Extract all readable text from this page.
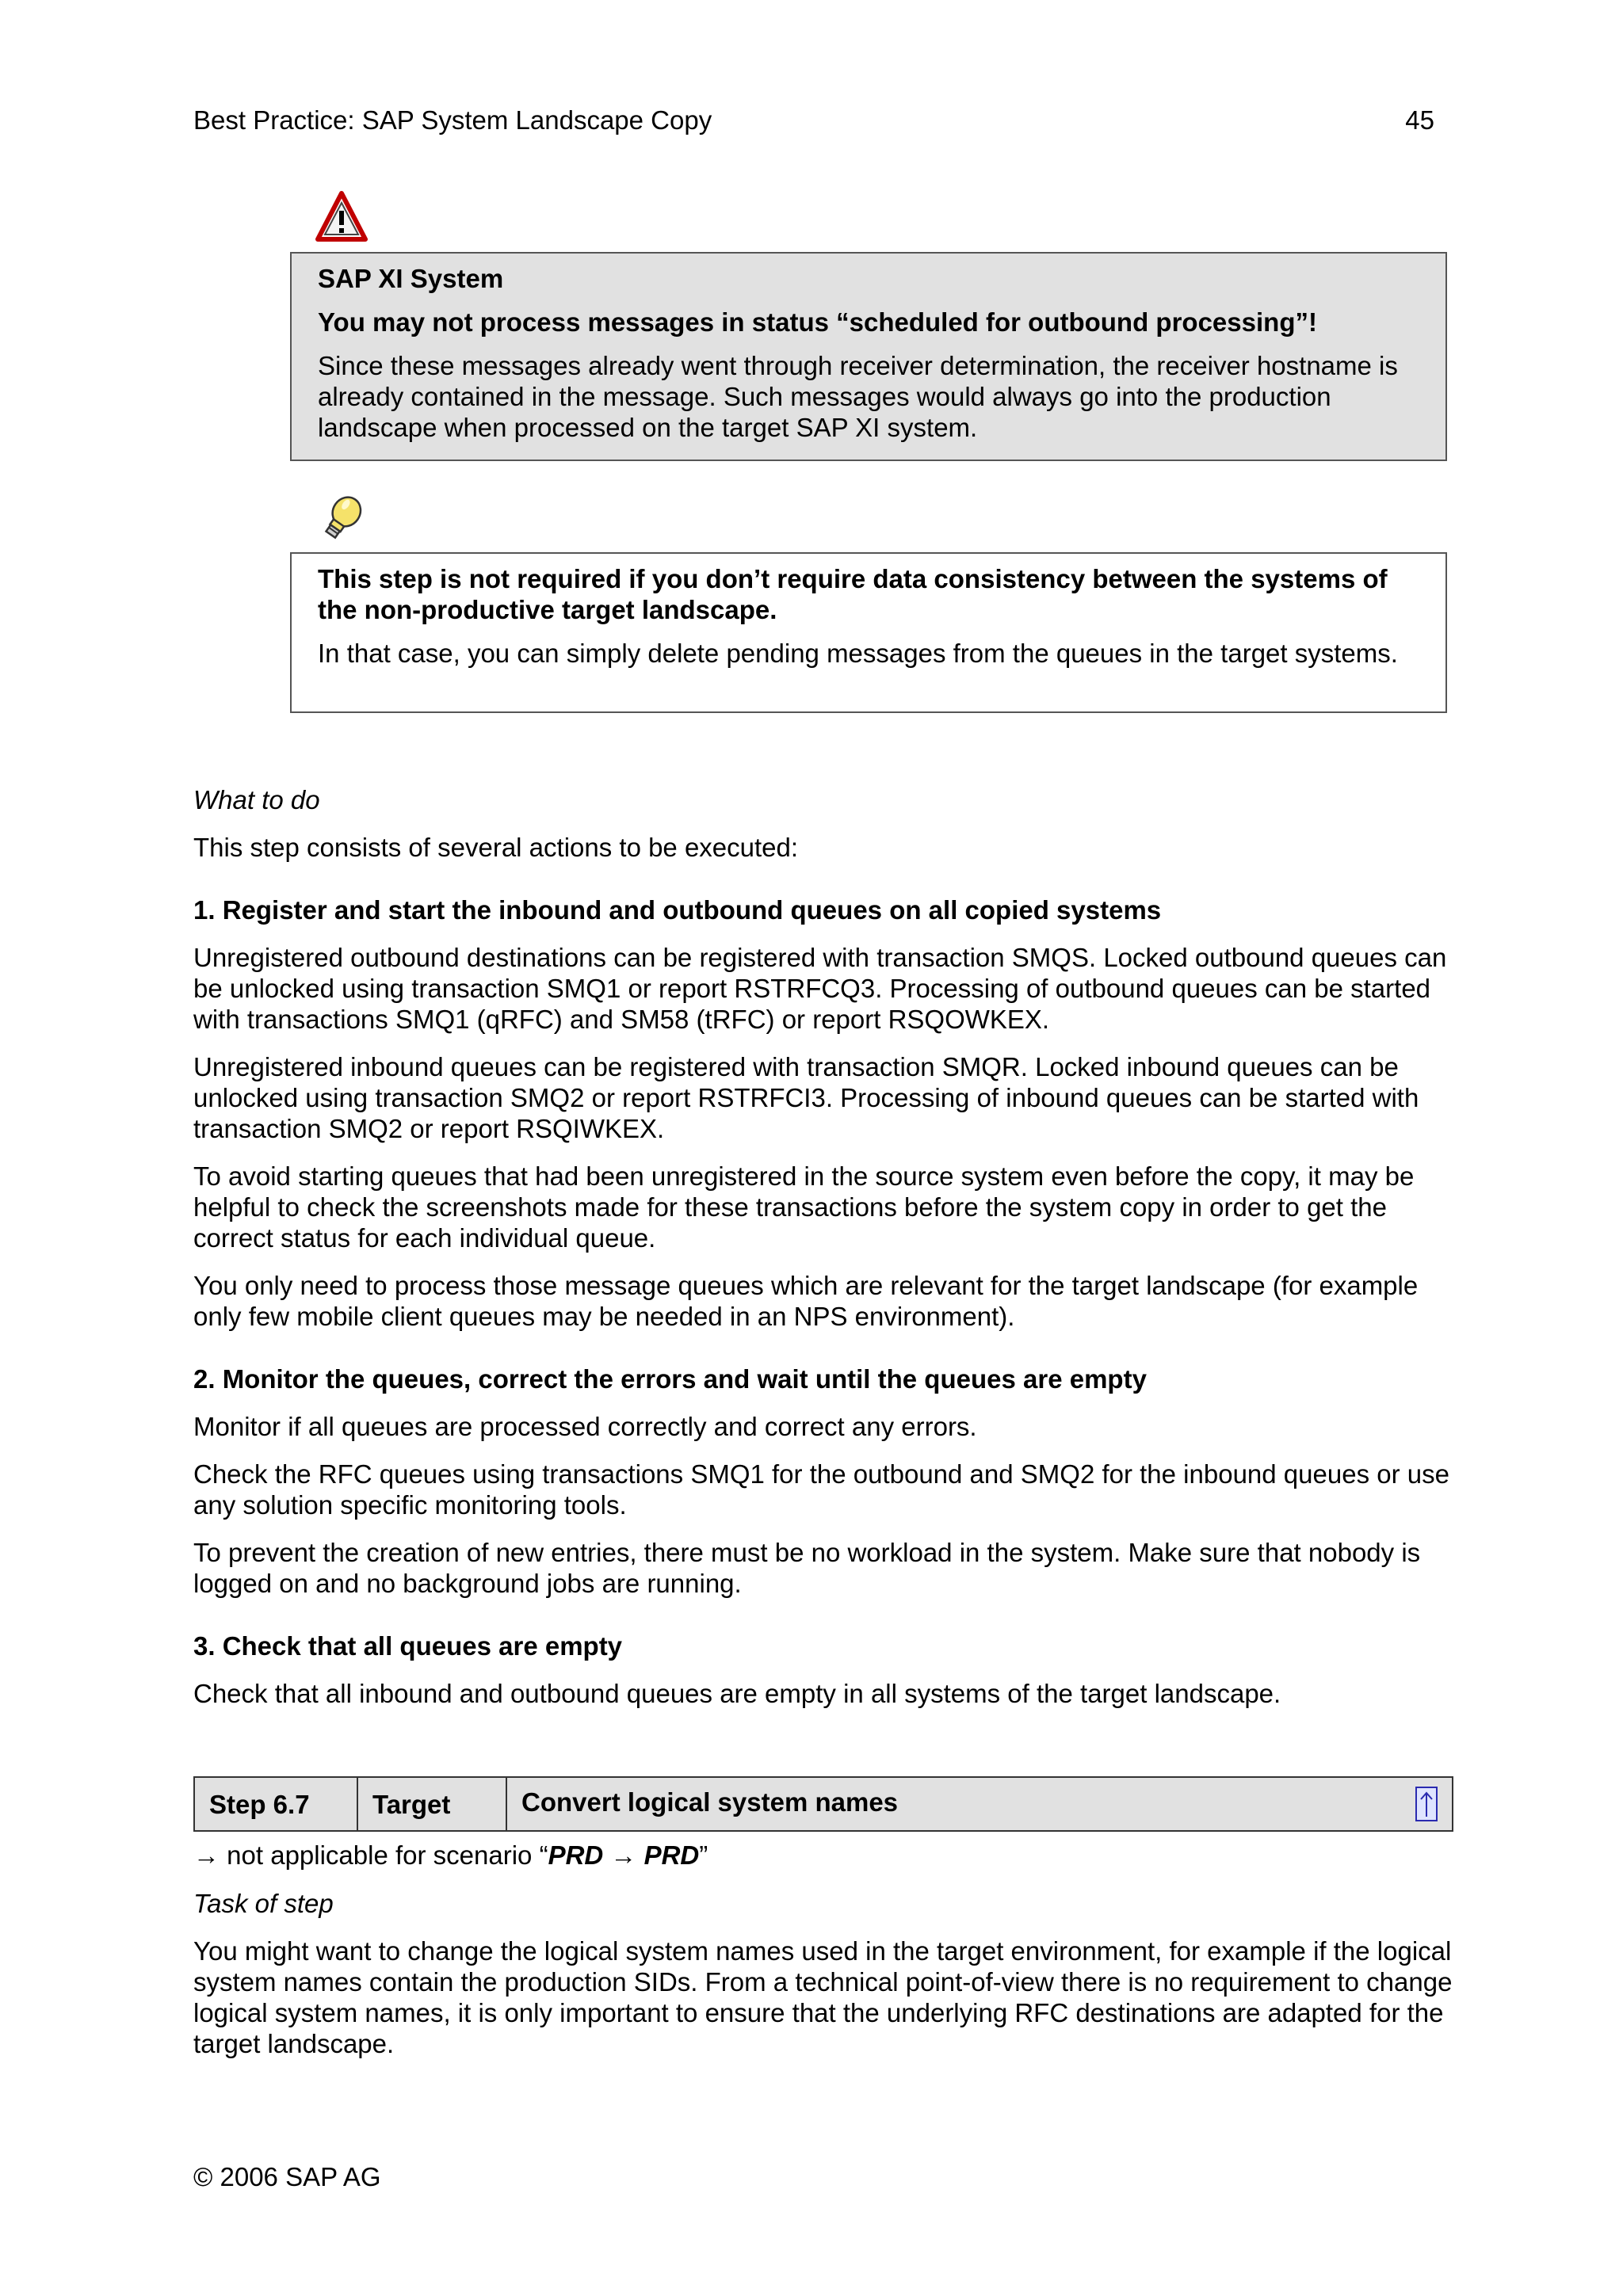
Best Practice: SAP System Landscape Copy	45

SAP XI System

You may not process messages in status “scheduled for outbound processing”!

Since these messages already went through receiver determination, the receiver hostname is already contained in the message. Such messages would always go into the production landscape when processed on the target SAP XI system.

This step is not required if you don’t require data consistency between the systems of the non-productive target landscape.

In that case, you can simply delete pending messages from the queues in the target systems.

What to do

This step consists of several actions to be executed:

1. Register and start the inbound and outbound queues on all copied systems

Unregistered outbound destinations can be registered with transaction SMQS. Locked outbound queues can be unlocked using transaction SMQ1 or report RSTRFCQ3. Processing of outbound queues can be started with transactions SMQ1 (qRFC) and SM58 (tRFC) or report RSQOWKEX.

Unregistered inbound queues can be registered with transaction SMQR. Locked inbound queues can be unlocked using transaction SMQ2 or report RSTRFCI3. Processing of inbound queues can be started with transaction SMQ2 or report RSQIWKEX.

To avoid starting queues that had been unregistered in the source system even before the copy, it may be helpful to check the screenshots made for these transactions before the system copy in order to get the correct status for each individual queue.

You only need to process those message queues which are relevant for the target landscape (for example only few mobile client queues may be needed in an NPS environment).

2. Monitor the queues, correct the errors and wait until the queues are empty

Monitor if all queues are processed correctly and correct any errors.

Check the RFC queues using transactions SMQ1 for the outbound and SMQ2 for the inbound queues or use any solution specific monitoring tools.

To prevent the creation of new entries, there must be no workload in the system. Make sure that nobody is logged on and no background jobs are running.

3. Check that all queues are empty

Check that all inbound and outbound queues are empty in all systems of the target landscape.

Step 6.7	Target	Convert logical system names

→ not applicable for scenario “PRD → PRD”

Task of step

You might want to change the logical system names used in the target environment, for example if the logical system names contain the production SIDs. From a technical point-of-view there is no requirement to change logical system names, it is only important to ensure that the underlying RFC destinations are adapted for the target landscape.

© 2006 SAP AG
